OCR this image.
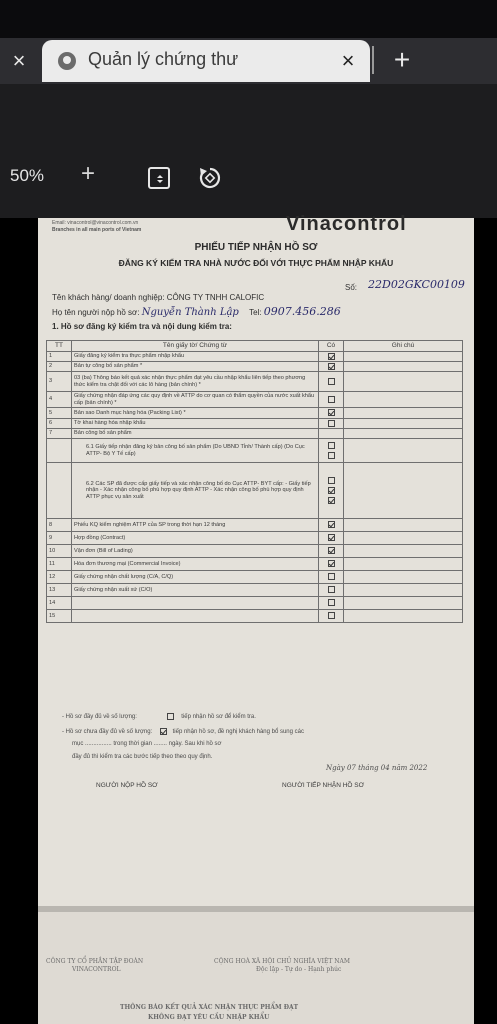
×	Quản lý chứng thư	× +
50% +
Email: vinacontrol@vinacontrol.com.vn
Branches in all main ports of Vietnam	Vinacontrol
PHIẾU TIẾP NHẬN HỒ SƠ
ĐĂNG KÝ KIỂM TRA NHÀ NƯỚC ĐỐI VỚI THỰC PHẨM NHẬP KHẨU
Số: 22D02GKC00109
Tên khách hàng/ doanh nghiệp: CÔNG TY TNHH CALOFIC
Họ tên người nộp hồ sơ: Nguyễn Thành Lập Tel: 0907.456.286
1. Hồ sơ đăng ký kiểm tra và nội dung kiểm tra:
TT	Tên giấy tờ/ Chứng từ	Có	Ghi chú
1	Giấy đăng ký kiểm tra thực phẩm nhập khẩu		
2	Bản tự công bố sản phẩm *		
3	03 (ba) Thông báo kết quả xác nhận thực phẩm đạt yêu cầu nhập khẩu liên tiếp theo phương thức kiểm tra chặt đối với các lô hàng (bản chính) *		
4	Giấy chứng nhận đáp ứng các quy định về ATTP do cơ quan có thẩm quyền của nước xuất khẩu cấp (bản chính) *		
5	Bản sao Danh mục hàng hóa (Packing List) *		
6	Tờ khai hàng hóa nhập khẩu		
7	Bản công bố sản phẩm		
	6.1 Giấy tiếp nhận đăng ký bản công bố sản phẩm (Do UBND Tỉnh/ Thành cấp) (Do Cục ATTP- Bộ Y Tế cấp)	

	6.2 Các SP đã được cấp giấy tiếp và xác nhận công bố do Cục ATTP- BYT cấp: - Giấy tiếp nhận - Xác nhận công bố phù hợp quy định ATTP - Xác nhận công bố phù hợp quy định ATTP phục vụ sản xuất	

8	Phiếu KQ kiểm nghiệm ATTP của SP trong thời hạn 12 tháng		
9	Hợp đồng (Contract)		
10	Vận đơn (Bill of Lading)		
11	Hóa đơn thương mại (Commercial Invoice)		
12	Giấy chứng nhận chất lượng (C/A, C/Q)		
13	Giấy chứng nhận xuất xứ (C/O)		
14			
15			
- Hồ sơ đầy đủ về số lượng:	tiếp nhận hồ sơ để kiểm tra.
- Hồ sơ chưa đầy đủ về số lượng:	tiếp nhận hồ sơ, đề nghị khách hàng bổ sung các
mục ................ trong thời gian ........ ngày. Sau khi hồ sơ
đầy đủ thì kiểm tra các bước tiếp theo theo quy định.
Ngày 07 tháng 04 năm 2022
NGƯỜI NỘP HỒ SƠ	NGƯỜI TIẾP NHẬN HỒ SƠ
CÔNG TY CỔ PHẦN TẬP ĐOÀN
VINACONTROL
CỘNG HOÀ XÃ HỘI CHỦ NGHĨA VIỆT NAM
Độc lập - Tự do - Hạnh phúc
THÔNG BÁO KẾT QUẢ XÁC NHẬN THỰC PHẨM ĐẠT
KHÔNG ĐẠT YÊU CẦU NHẬP KHẨU
